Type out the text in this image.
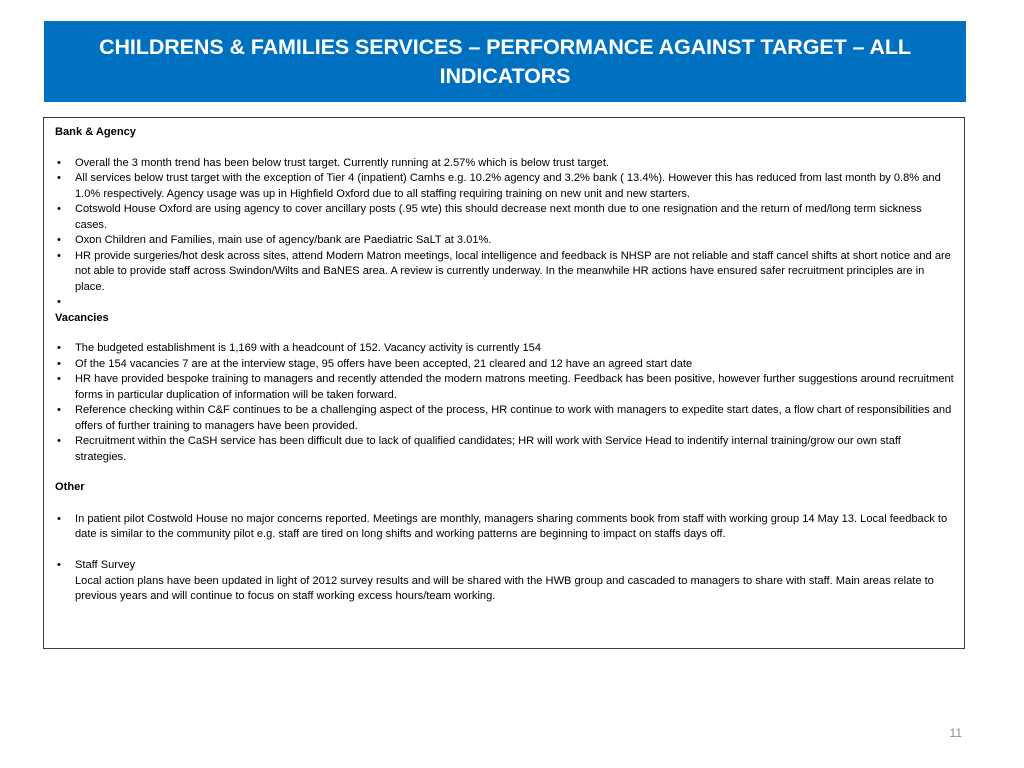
CHILDRENS & FAMILIES SERVICES – PERFORMANCE AGAINST TARGET – ALL INDICATORS

Bank & Agency

• Overall the 3 month trend has been below trust target. Currently running at 2.57% which is below trust target.
• All services below trust target with the exception of Tier 4 (inpatient) Camhs e.g. 10.2% agency and 3.2% bank ( 13.4%). However this has reduced from last month by 0.8% and 1.0% respectively. Agency usage was up in Highfield Oxford due to all staffing requiring training on new unit and new starters.
• Cotswold House Oxford are using agency to cover ancillary posts (.95 wte) this should decrease next month due to one resignation and the return of med/long term sickness cases.
• Oxon Children and Families, main use of agency/bank are Paediatric SaLT at 3.01%.
• HR provide surgeries/hot desk across sites, attend Modern Matron meetings, local intelligence and feedback is NHSP are not reliable and staff cancel shifts at short notice and are not able to provide staff across Swindon/Wilts and BaNES area. A review is currently underway. In the meanwhile HR actions have ensured safer recruitment principles are in place.
•

Vacancies

• The budgeted establishment is 1,169 with a headcount of 152. Vacancy activity is currently 154
• Of the 154 vacancies 7 are at the interview stage, 95 offers have been accepted, 21 cleared and 12 have an agreed start date
• HR have provided bespoke training to managers and recently attended the modern matrons meeting. Feedback has been positive, however further suggestions around recruitment forms in particular duplication of information will be taken forward.
• Reference checking within C&F continues to be a challenging aspect of the process, HR continue to work with managers to expedite start dates, a flow chart of responsibilities and offers of further training to managers have been provided.
• Recruitment within the CaSH service has been difficult due to lack of qualified candidates; HR will work with Service Head to indentify internal training/grow our own staff strategies.

Other

• In patient pilot Costwold House no major concerns reported. Meetings are monthly, managers sharing comments book from staff with working group 14 May 13. Local feedback to date is similar to the community pilot e.g. staff are tired on long shifts and working patterns are beginning to impact on staffs days off.
• Staff Survey
Local action plans have been updated in light of 2012 survey results and will be shared with the HWB group and cascaded to managers to share with staff. Main areas relate to previous years and will continue to focus on staff working excess hours/team working.
11
